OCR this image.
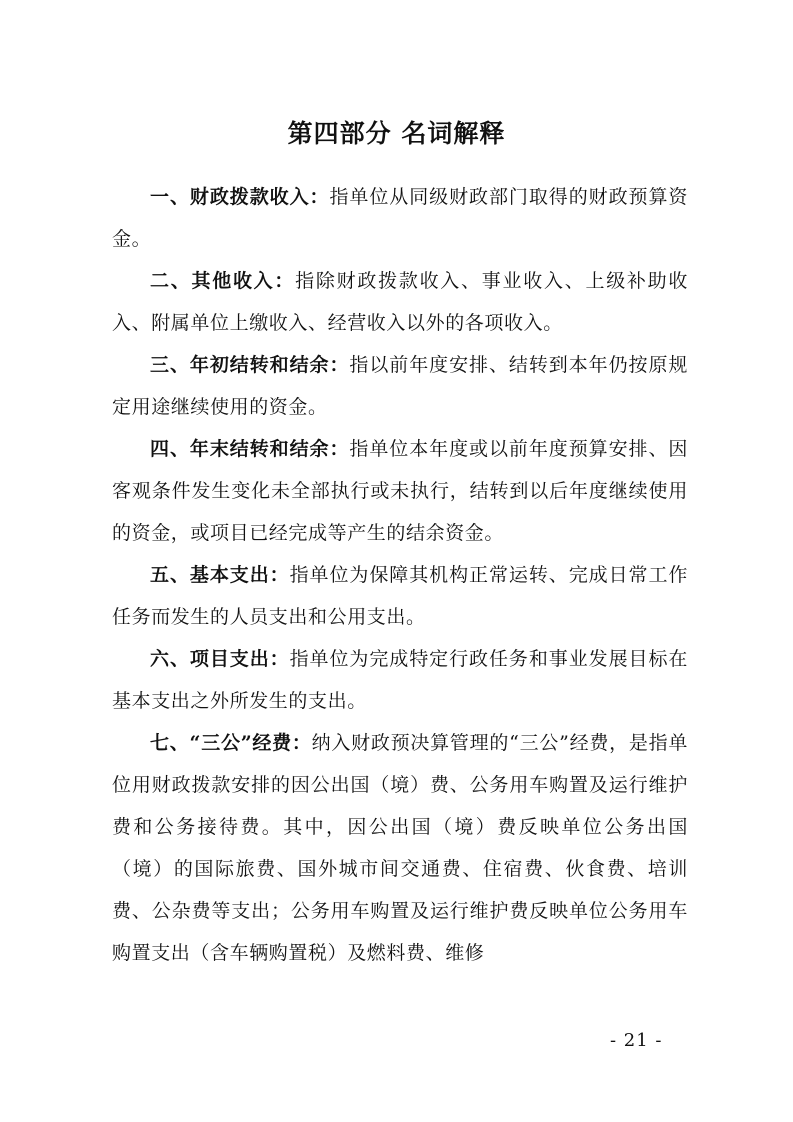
第四部分 名词解释

一、财政拨款收入：指单位从同级财政部门取得的财政预算资金。

二、其他收入：指除财政拨款收入、事业收入、上级补助收入、附属单位上缴收入、经营收入以外的各项收入。

三、年初结转和结余：指以前年度安排、结转到本年仍按原规定用途继续使用的资金。

四、年末结转和结余：指单位本年度或以前年度预算安排、因客观条件发生变化未全部执行或未执行，结转到以后年度继续使用的资金，或项目已经完成等产生的结余资金。

五、基本支出：指单位为保障其机构正常运转、完成日常工作任务而发生的人员支出和公用支出。

六、项目支出：指单位为完成特定行政任务和事业发展目标在基本支出之外所发生的支出。

七、“三公”经费：纳入财政预决算管理的“三公”经费，是指单位用财政拨款安排的因公出国（境）费、公务用车购置及运行维护费和公务接待费。其中，因公出国（境）费反映单位公务出国（境）的国际旅费、国外城市间交通费、住宿费、伙食费、培训费、公杂费等支出；公务用车购置及运行维护费反映单位公务用车购置支出（含车辆购置税）及燃料费、维修

- 21 -
